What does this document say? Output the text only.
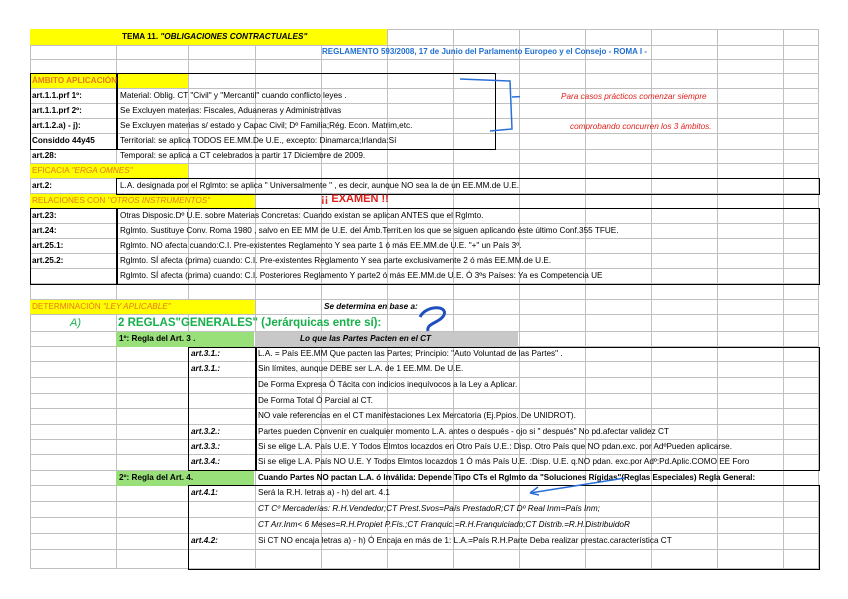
TEMA 11. "OBLIGACIONES CONTRACTUALES"
REGLAMENTO 593/2008, 17 de Junio del Parlamento Europeo y el Consejo - ROMA I -
ÁMBITO APLICACIÓN
art.1.1.prf 1º:	Material: Oblig. CT "Civil" y "Mercantil" cuando conflicto leyes .
art.1.1.prf 2º:	Se Excluyen materias: Fiscales, Aduaneras y Administrativas
art.1.2.a) - j):	Se Excluyen materias s/ estado y Capac Civil; Dº Familia;Rég. Econ. Matrim,etc.
Considdo 44y45	Territorial: se aplica TODOS EE.MM.De U.E., excepto: Dinamarca;Irlanda:Sí
art.28:	Temporal: se aplica a CT celebrados a partir 17 Diciembre de 2009.
Para casos prácticos comenzar siempre
comprobando concurren los 3 ámbitos.
EFICACIA "ERGA OMNES"
art.2:	L.A. designada por el Rglmto: se aplica " Universalmente " , es decir, aunque NO sea la de un EE.MM.de U.E.
RELACIONES CON "OTROS INSTRUMENTOS"	¡¡ EXAMEN !!
art.23:	Otras Disposic.Dº U.E. sobre Materias Concretas: Cuando existan se aplican ANTES que el Rglmto.
art.24:	Rglmto. Sustituye Conv. Roma 1980 , salvo en EE MM de U.E. del Ámb.Territ.en los que se siguen aplicando éste último Conf.355 TFUE.
art.25.1:	Rglmto. NO afecta cuando:C.I. Pre-existentes Reglamento Y sea parte 1 ó más EE.MM.de U.E. "+" un País 3º.
art.25.2:	Rglmto. SÍ afecta (prima) cuando: C.I. Pre-existentes Reglamento Y sea parte exclusivamente 2 ó más EE.MM.de U.E.
Rglmto. SÍ afecta (prima) cuando: C.I. Posteriores Reglamento Y parte2 ó más EE.MM.de U.E. Ó 3ºs Países: Ya es Competencia UE
DETERMINACIÓN "LEY APLICABLE"	Se determina en base a:
A)	2 REGLAS"GENERALES" (Jerárquicas entre sí):
1º: Regla del Art. 3 .	Lo que las Partes Pacten en el CT
art.3.1.:	L.A. = País EE.MM Que pacten las Partes; Principio: "Auto Voluntad de las Partes" .
art.3.1.:	Sin límites, aunque DEBE ser L.A. de 1 EE.MM. De U.E.
De Forma Expresa Ó Tácita con indicios inequívocos a la Ley a Aplicar.
De Forma Total Ó Parcial al CT.
NO vale referencias en el CT manifestaciones Lex Mercatoria (Ej.Ppios. De UNIDROT).
art.3.2.:	Partes pueden Convenir en cualquier momento L.A. antes o después - ojo si " después" No pd.afectar validez CT
art.3.3.:	Si se elige L.A. País U.E. Y Todos Elmtos locazdos en Otro País U.E.: Disp. Otro País que NO pdan.exc. por AdºPueden aplicarse.
art.3.4.:	Si se elige L.A. País NO U.E. Y Todos Elmtos locazdos 1 Ó más País U.E. :Disp. U.E. q.NO pdan. exc.por Adº:Pd.Aplic.COMO EE Foro
2º: Regla del Art. 4.	Cuando Partes NO pactan L.A. ó Inválida: Depende Tipo CTs el Rglmto da "Soluciones Rígidas"(Reglas Especiales) Regla General:
art.4.1:	Será la R.H. letras a) - h) del art. 4.1
CT Cº Mercaderías: R.H.Vendedor;CT Prest.Svos=País PrestadoR;CT Dº Real Inm=País Inm;
CT Arr.Inm< 6 Meses=R.H.Propiet P.Fís.;CT Franquic.=R.H.Franquiciado;CT Distrib.=R.H.DistribuidoR
art.4.2:	Si CT NO encaja letras a) - h) Ó Encaja en más de 1: L.A.=País R.H.Parte Deba realizar prestac.característica CT
